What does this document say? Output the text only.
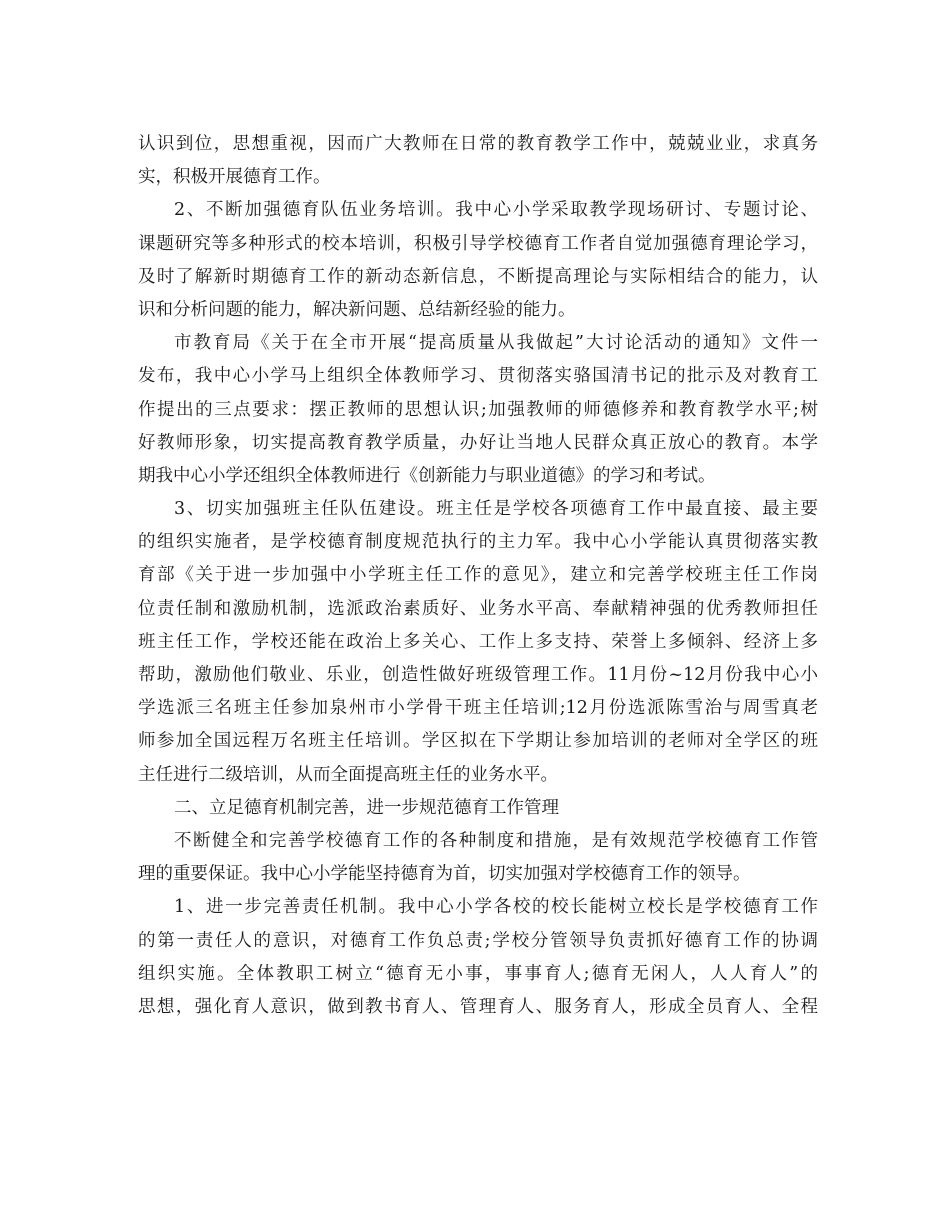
认识到位，思想重视，因而广大教师在日常的教育教学工作中，兢兢业业，求真务
实，积极开展德育工作。
2、不断加强德育队伍业务培训。我中心小学采取教学现场研讨、专题讨论、
课题研究等多种形式的校本培训，积极引导学校德育工作者自觉加强德育理论学习，
及时了解新时期德育工作的新动态新信息，不断提高理论与实际相结合的能力，认
识和分析问题的能力，解决新问题、总结新经验的能力。
市教育局《关于在全市开展“提高质量从我做起”大讨论活动的通知》文件一
发布，我中心小学马上组织全体教师学习、贯彻落实骆国清书记的批示及对教育工
作提出的三点要求：摆正教师的思想认识;加强教师的师德修养和教育教学水平;树
好教师形象，切实提高教育教学质量，办好让当地人民群众真正放心的教育。本学
期我中心小学还组织全体教师进行《创新能力与职业道德》的学习和考试。
3、切实加强班主任队伍建设。班主任是学校各项德育工作中最直接、最主要
的组织实施者，是学校德育制度规范执行的主力军。我中心小学能认真贯彻落实教
育部《关于进一步加强中小学班主任工作的意见》，建立和完善学校班主任工作岗
位责任制和激励机制，选派政治素质好、业务水平高、奉献精神强的优秀教师担任
班主任工作，学校还能在政治上多关心、工作上多支持、荣誉上多倾斜、经济上多
帮助，激励他们敬业、乐业，创造性做好班级管理工作。11月份~12月份我中心小
学选派三名班主任参加泉州市小学骨干班主任培训;12月份选派陈雪治与周雪真老
师参加全国远程万名班主任培训。学区拟在下学期让参加培训的老师对全学区的班
主任进行二级培训，从而全面提高班主任的业务水平。
二、立足德育机制完善，进一步规范德育工作管理
不断健全和完善学校德育工作的各种制度和措施，是有效规范学校德育工作管
理的重要保证。我中心小学能坚持德育为首，切实加强对学校德育工作的领导。
1、进一步完善责任机制。我中心小学各校的校长能树立校长是学校德育工作
的第一责任人的意识，对德育工作负总责;学校分管领导负责抓好德育工作的协调
组织实施。全体教职工树立“德育无小事，事事育人;德育无闲人，人人育人”的
思想，强化育人意识，做到教书育人、管理育人、服务育人，形成全员育人、全程
